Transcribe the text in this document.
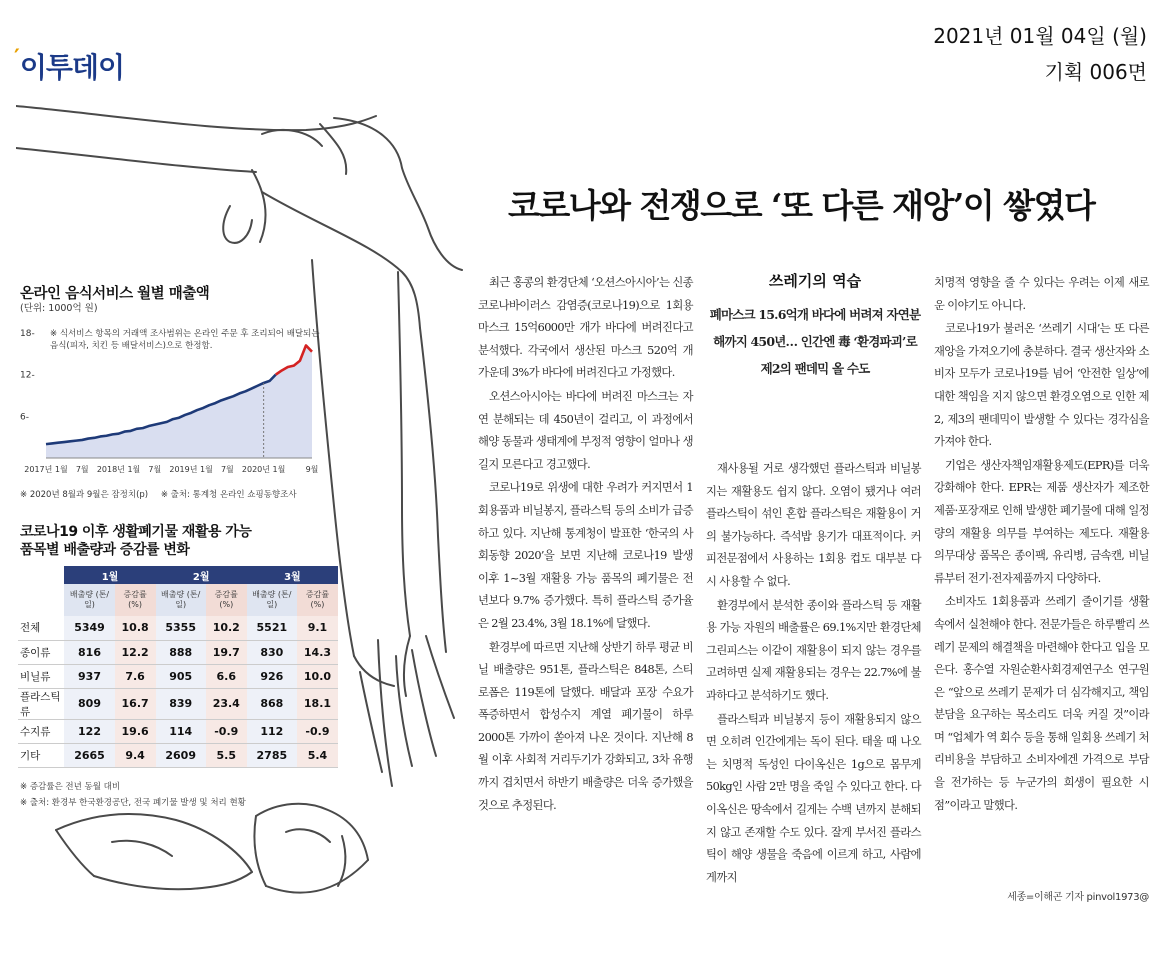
′이투데이
2021년 01월 04일 (월)
기획 006면
코로나와 전쟁으로 ‘또 다른 재앙’이 쌓였다
온라인 음식서비스 월별 매출액
(단위: 1000억 원)
18-
12-
6-
2017년 1월 7월 2018년 1월 7월 2019년 1월 7월 2020년 1월	9월
※ 식서비스 항목의 거래액 조사범위는 온라인 주문 후 조리되어 배달되는 음식(피자, 치킨 등 배달서비스)으로 한정함.
※ 2020년 8월과 9월은 잠정치(p) ※ 출처: 통계청 온라인 쇼핑동향조사
코로나19 이후 생활폐기물 재활용 가능
품목별 배출량과 증감률 변화
	1월		2월		3월	
	배출량 (톤/일)	증감률 (%)	배출량 (톤/일)	증감률 (%)	배출량 (톤/일)	증감률 (%)
전체	5349	10.8	5355	10.2	5521	9.1
종이류	816	12.2	888	19.7	830	14.3
비닐류	937	7.6	905	6.6	926	10.0
플라스틱류	809	16.7	839	23.4	868	18.1
수지류	122	19.6	114	-0.9	112	-0.9
기타	2665	9.4	2609	5.5	2785	5.4
※ 증감률은 전년 동월 대비
※ 출처: 환경부 한국환경공단, 전국 폐기물 발생 및 처리 현황

최근 홍콩의 환경단체 ‘오션스아시아’는 신종 코로나바이러스 감염증(코로나19)으로 1회용 마스크 15억6000만 개가 바다에 버려진다고 분석했다. 각국에서 생산된 마스크 520억 개 가운데 3%가 바다에 버려진다고 가정했다.

오션스아시아는 바다에 버려진 마스크는 자연 분해되는 데 450년이 걸리고, 이 과정에서 해양 동물과 생태계에 부정적 영향이 얼마나 생길지 모른다고 경고했다.

코로나19로 위생에 대한 우려가 커지면서 1회용품과 비닐봉지, 플라스틱 등의 소비가 급증하고 있다. 지난해 통계청이 발표한 ‘한국의 사회동향 2020’을 보면 지난해 코로나19 발생 이후 1~3월 재활용 가능 품목의 폐기물은 전년보다 9.7% 증가했다. 특히 플라스틱 증가율은 2월 23.4%, 3월 18.1%에 달했다.

환경부에 따르면 지난해 상반기 하루 평균 비닐 배출량은 951톤, 플라스틱은 848톤, 스티로폼은 119톤에 달했다. 배달과 포장 수요가 폭증하면서 합성수지 계열 폐기물이 하루 2000톤 가까이 쏟아져 나온 것이다. 지난해 8월 이후 사회적 거리두기가 강화되고, 3차 유행까지 겹치면서 하반기 배출량은 더욱 증가했을 것으로 추정된다.

쓰레기의 역습
폐마스크 15.6억개 바다에 버려져 자연분해까지 450년… 인간엔 毒 ‘환경파괴’로 제2의 팬데믹 올 수도

재사용될 거로 생각했던 플라스틱과 비닐봉지는 재활용도 쉽지 않다. 오염이 됐거나 여러 플라스틱이 섞인 혼합 플라스틱은 재활용이 거의 불가능하다. 즉석밥 용기가 대표적이다. 커피전문점에서 사용하는 1회용 컵도 대부분 다시 사용할 수 없다.

환경부에서 분석한 종이와 플라스틱 등 재활용 가능 자원의 배출률은 69.1%지만 환경단체 그린피스는 이같이 재활용이 되지 않는 경우를 고려하면 실제 재활용되는 경우는 22.7%에 불과하다고 분석하기도 했다.

플라스틱과 비닐봉지 등이 재활용되지 않으면 오히려 인간에게는 독이 된다. 태울 때 나오는 치명적 독성인 다이옥신은 1g으로 몸무게 50kg인 사람 2만 명을 죽일 수 있다고 한다. 다이옥신은 땅속에서 길게는 수백 년까지 분해되지 않고 존재할 수도 있다. 잘게 부서진 플라스틱이 해양 생물을 죽음에 이르게 하고, 사람에게까지

치명적 영향을 줄 수 있다는 우려는 이제 새로운 이야기도 아니다.

코로나19가 불러온 ‘쓰레기 시대’는 또 다른 재앙을 가져오기에 충분하다. 결국 생산자와 소비자 모두가 코로나19를 넘어 ‘안전한 일상’에 대한 책임을 지지 않으면 환경오염으로 인한 제2, 제3의 팬데믹이 발생할 수 있다는 경각심을 가져야 한다.

기업은 생산자책임재활용제도(EPR)를 더욱 강화해야 한다. EPR는 제품 생산자가 제조한 제품·포장재로 인해 발생한 폐기물에 대해 일정량의 재활용 의무를 부여하는 제도다. 재활용 의무대상 품목은 종이팩, 유리병, 금속캔, 비닐류부터 전기·전자제품까지 다양하다.

소비자도 1회용품과 쓰레기 줄이기를 생활 속에서 실천해야 한다. 전문가들은 하루빨리 쓰레기 문제의 해결책을 마련해야 한다고 입을 모은다. 홍수열 자원순환사회경제연구소 연구원은 “앞으로 쓰레기 문제가 더 심각해지고, 책임분담을 요구하는 목소리도 더욱 커질 것”이라며 “업체가 역 회수 등을 통해 일회용 쓰레기 처리비용을 부담하고 소비자에겐 가격으로 부담을 전가하는 등 누군가의 희생이 필요한 시점”이라고 말했다.

세종=이해곤 기자 pinvol1973@
